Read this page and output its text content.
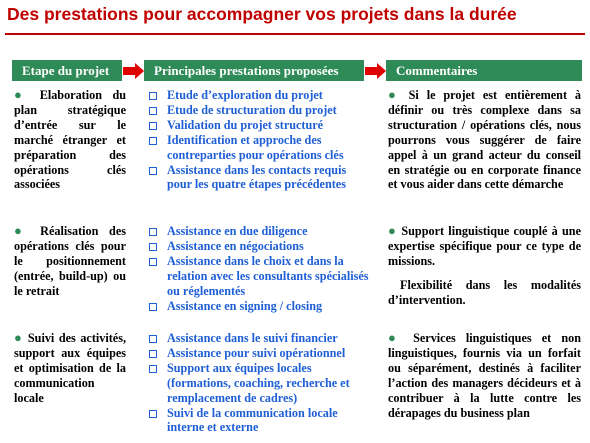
Des prestations pour accompagner vos projets dans la durée
Etape du projet	Principales prestations proposées	Commentaires
● Elaboration du plan stratégique d’entrée sur le marché étranger et préparation des opérations clés associées
Etude d’exploration du projet
Etude de structuration du projet
Validation du projet structuré
Identification et approche des contreparties pour opérations clés
Assistance dans les contacts requis pour les quatre étapes précédentes

● Si le projet est entièrement à définir ou très complexe dans sa structuration / opérations clés, nous pourrons vous suggérer de faire appel à un grand acteur du conseil en stratégie ou en corporate finance et vous aider dans cette démarche

● Réalisation des opérations clés pour le positionnement (entrée, build-up) ou le retrait
Assistance en due diligence
Assistance en négociations
Assistance dans le choix et dans la relation avec les consultants spécialisés ou réglementés
Assistance en signing / closing

● Support linguistique couplé à une expertise spécifique pour ce type de missions.

Flexibilité dans les modalités d’intervention.

● Suivi des activités, support aux équipes et optimisation de la communication locale
Assistance dans le suivi financier
Assistance pour suivi opérationnel
Support aux équipes locales (formations, coaching, recherche et remplacement de cadres)
Suivi de la communication locale interne et externe

● Services linguistiques et non linguistiques, fournis via un forfait ou séparément, destinés à faciliter l’action des managers décideurs et à contribuer à la lutte contre les dérapages du business plan
